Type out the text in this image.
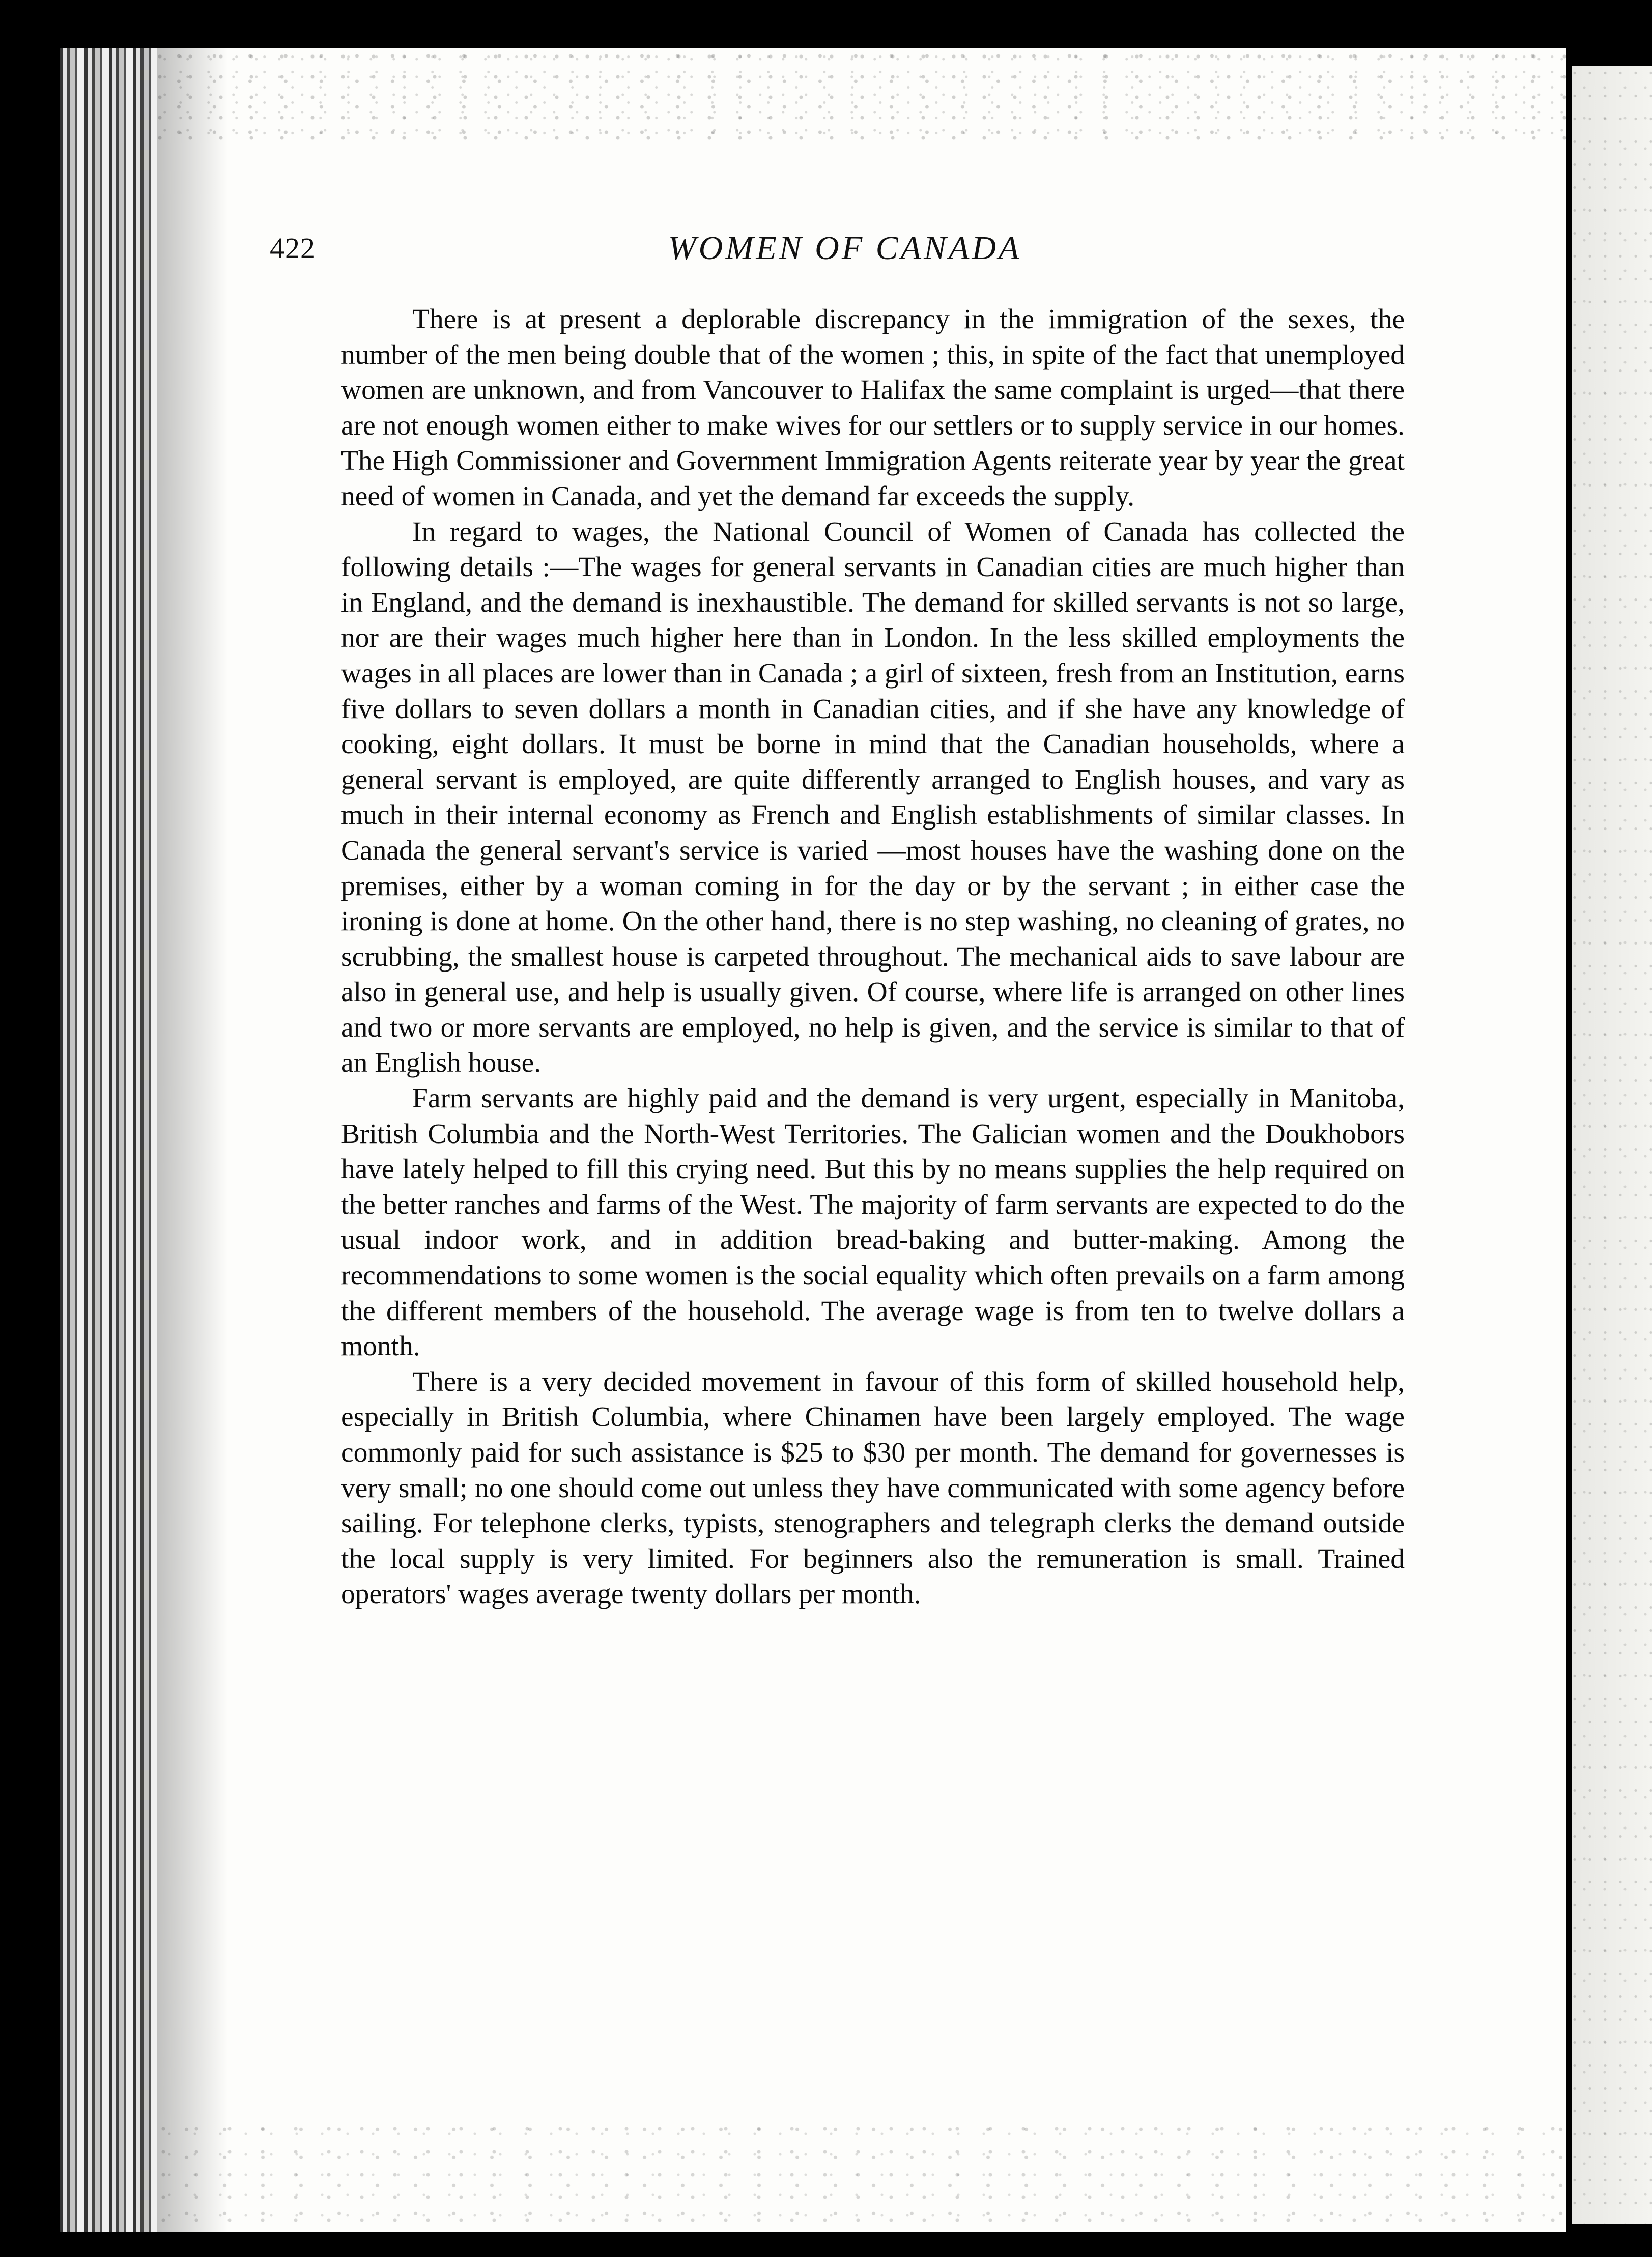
422	WOMEN OF CANADA

There is at present a deplorable discrepancy in the immigration of the sexes, the number of the men being double that of the women ; this, in spite of the fact that unemployed women are unknown, and from Vancouver to Halifax the same complaint is urged—that there are not enough women either to make wives for our settlers or to supply service in our homes. The High Commissioner and Government Immigration Agents reiterate year by year the great need of women in Canada, and yet the demand far exceeds the supply.

In regard to wages, the National Council of Women of Canada has collected the following details :—The wages for general servants in Canadian cities are much higher than in England, and the demand is inexhaustible. The demand for skilled servants is not so large, nor are their wages much higher here than in London. In the less skilled employments the wages in all places are lower than in Canada ; a girl of sixteen, fresh from an Institution, earns five dollars to seven dollars a month in Canadian cities, and if she have any knowledge of cooking, eight dollars. It must be borne in mind that the Canadian households, where a general servant is employed, are quite differently arranged to English houses, and vary as much in their internal economy as French and English establishments of similar classes. In Canada the general servant's service is varied —most houses have the washing done on the premises, either by a woman coming in for the day or by the servant ; in either case the ironing is done at home. On the other hand, there is no step washing, no cleaning of grates, no scrubbing, the smallest house is carpeted throughout. The mechanical aids to save labour are also in general use, and help is usually given. Of course, where life is arranged on other lines and two or more servants are employed, no help is given, and the service is similar to that of an English house.

Farm servants are highly paid and the demand is very urgent, especially in Manitoba, British Columbia and the North-West Territories. The Galician women and the Doukhobors have lately helped to fill this crying need. But this by no means supplies the help required on the better ranches and farms of the West. The majority of farm servants are expected to do the usual indoor work, and in addition bread-baking and butter-making. Among the recommendations to some women is the social equality which often prevails on a farm among the different members of the household. The average wage is from ten to twelve dollars a month.

There is a very decided movement in favour of this form of skilled household help, especially in British Columbia, where Chinamen have been largely employed. The wage commonly paid for such assistance is $25 to $30 per month. The demand for governesses is very small; no one should come out unless they have communicated with some agency before sailing. For telephone clerks, typists, stenographers and telegraph clerks the demand outside the local supply is very limited. For beginners also the remuneration is small. Trained operators' wages average twenty dollars per month.
